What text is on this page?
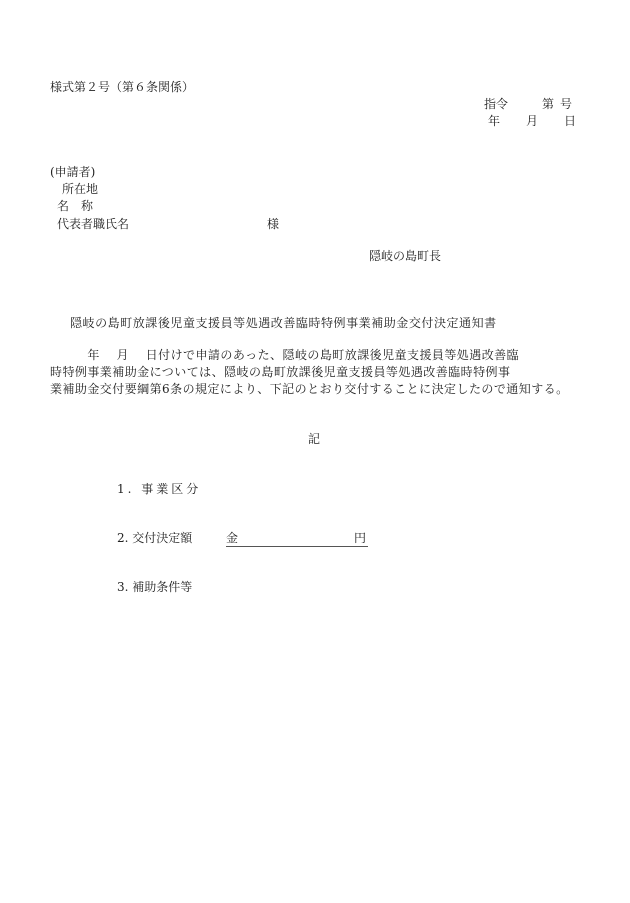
様式第２号（第６条関係）
指令	第 号
年 月 日
(申請者)
所在地
名　称
代表者職氏名	様
隠岐の島町長
隠岐の島町放課後児童支援員等処遇改善臨時特例事業補助金交付決定通知書
　　　年　 月　 日付けで申請のあった、隠岐の島町放課後児童支援員等処遇改善臨
時特例事業補助金については、隠岐の島町放課後児童支援員等処遇改善臨時特例事
業補助金交付要綱第6条の規定により、下記のとおり交付することに決定したので通知する。
記
1. 事業区分
2. 交付決定額	金	円
3. 補助条件等
